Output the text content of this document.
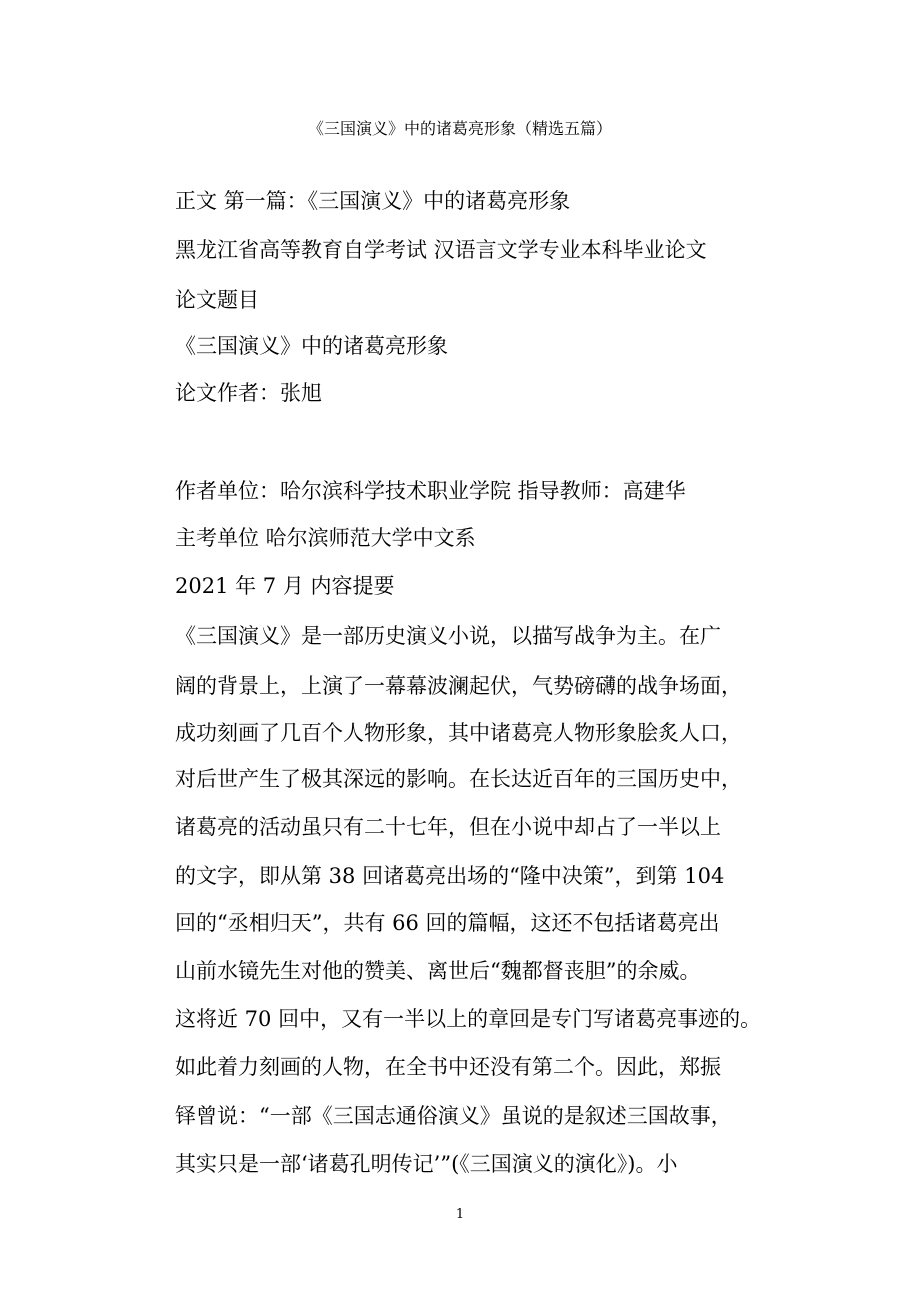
《三国演义》中的诸葛亮形象（精选五篇）
正文 第一篇：《三国演义》中的诸葛亮形象
黑龙江省高等教育自学考试 汉语言文学专业本科毕业论文
论文题目
《三国演义》中的诸葛亮形象
论文作者：张旭
作者单位：哈尔滨科学技术职业学院 指导教师：高建华
主考单位 哈尔滨师范大学中文系
2021 年 7 月 内容提要
《三国演义》是一部历史演义小说，以描写战争为主。在广
阔的背景上，上演了一幕幕波澜起伏，气势磅礴的战争场面，
成功刻画了几百个人物形象，其中诸葛亮人物形象脍炙人口，
对后世产生了极其深远的影响。在长达近百年的三国历史中，
诸葛亮的活动虽只有二十七年，但在小说中却占了一半以上
的文字，即从第 38 回诸葛亮出场的“隆中决策”，到第 104
回的“丞相归天”，共有 66 回的篇幅，这还不包括诸葛亮出
山前水镜先生对他的赞美、离世后“魏都督丧胆”的余威。
这将近 70 回中，又有一半以上的章回是专门写诸葛亮事迹的。
如此着力刻画的人物，在全书中还没有第二个。因此，郑振
铎曾说：“一部《三国志通俗演义》虽说的是叙述三国故事，
其实只是一部‘诸葛孔明传记’”(《三国演义的演化》)。小
1
